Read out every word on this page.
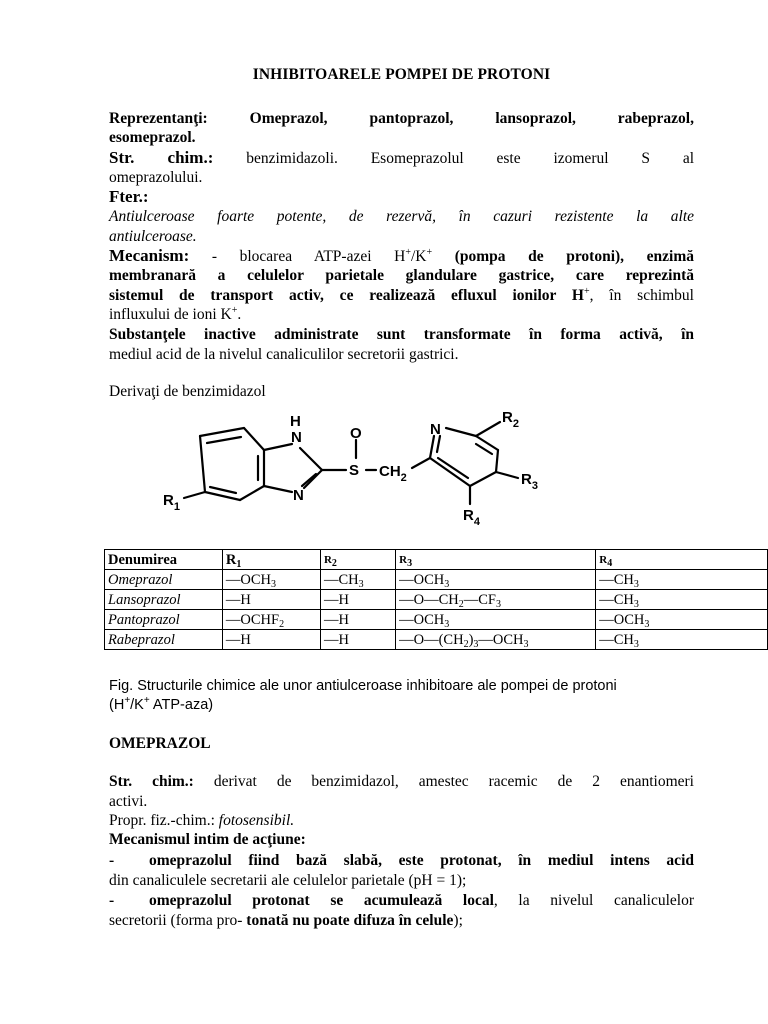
INHIBITOARELE POMPEI DE PROTONI
Reprezentanţi:	Omeprazol, pantoprazol, lansoprazol, rabeprazol,
esomeprazol.
Str. chim.: benzimidazoli. Esomeprazolul este izomerul S al
omeprazolului.
Fter.:
Antiulceroase foarte potente, de rezervă, în cazuri rezistente la alte
antiulceroase.
Mecanism: - blocarea ATP-azei H+/K+ (pompa de protoni), enzimă
membranară a celulelor parietale glandulare gastrice, care reprezintă
sistemul de transport activ, ce realizează efluxul ionilor H+, în schimbul
influxului de ioni K+.
Substanţele inactive administrate sunt transformate în forma activă, în
mediul acid de la nivelul canaliculilor secretorii gastrici.
Derivaţi de benzimidazol
H
N
N
O
S $CH_2$
N
$R_1$
$R_2$
$R_3$
$R_4$
Denumirea	$R_1$	$R_2$	$R_3$	$R_4$
Omeprazol	$—OCH_3$	$—CH_3$	$—OCH_3$	$—CH_3$
Lansoprazol	—H	—H	$—O—CH_2—CF_3$	$—CH_3$
Pantoprazol	$—OCHF_2$	—H	$—OCH_3$	$—OCH_3$
Rabeprazol	—H	—H	$—O—(CH_2)_3—OCH_3$	$—CH_3$
Fig. Structurile chimice ale unor antiulceroase inhibitoare ale pompei de protoni
(H+/K+ ATP-aza)
OMEPRAZOL
Str. chim.: derivat de benzimidazol, amestec racemic de 2 enantiomeri
activi.
Propr. fiz.-chim.: fotosensibil.
Mecanismul intim de acţiune:
- omeprazolul fiind bază slabă, este protonat, în mediul intens acid
din canaliculele secretarii ale celulelor parietale (pH = 1);
- omeprazolul protonat se acumulează local, la nivelul canaliculelor
secretorii (forma pro- tonată nu poate difuza în celule);
